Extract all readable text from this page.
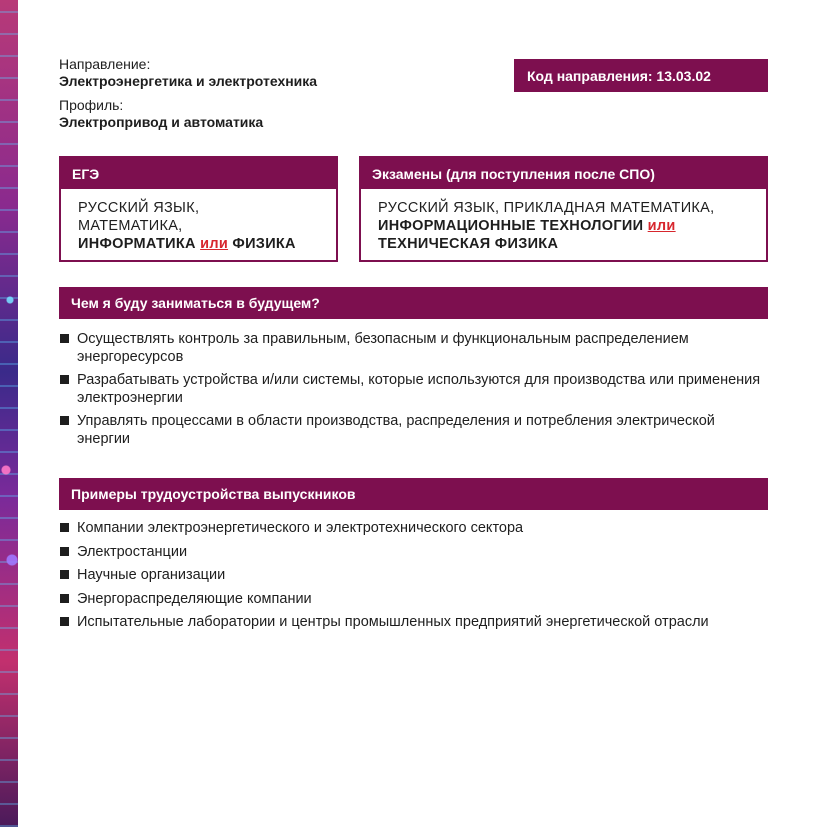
Направление:
Электроэнергетика и электротехника
Профиль:
Электропривод и автоматика
Код направления: 13.03.02
ЕГЭ
РУССКИЙ ЯЗЫК,
МАТЕМАТИКА,
ИНФОРМАТИКА или ФИЗИКА
Экзамены (для поступления после СПО)
РУССКИЙ ЯЗЫК, ПРИКЛАДНАЯ МАТЕМАТИКА,
ИНФОРМАЦИОННЫЕ ТЕХНОЛОГИИ или
ТЕХНИЧЕСКАЯ ФИЗИКА
Чем я буду заниматься в будущем?
Осуществлять контроль за правильным, безопасным и функциональным распределением энергоресурсов
Разрабатывать устройства и/или системы, которые используются для производства или применения электроэнергии
Управлять процессами в области производства, распределения и потребления электрической энергии
Примеры трудоустройства выпускников
Компании электроэнергетического и электротехнического сектора
Электростанции
Научные организации
Энергораспределяющие компании
Испытательные лаборатории и центры промышленных предприятий энергетической отрасли
